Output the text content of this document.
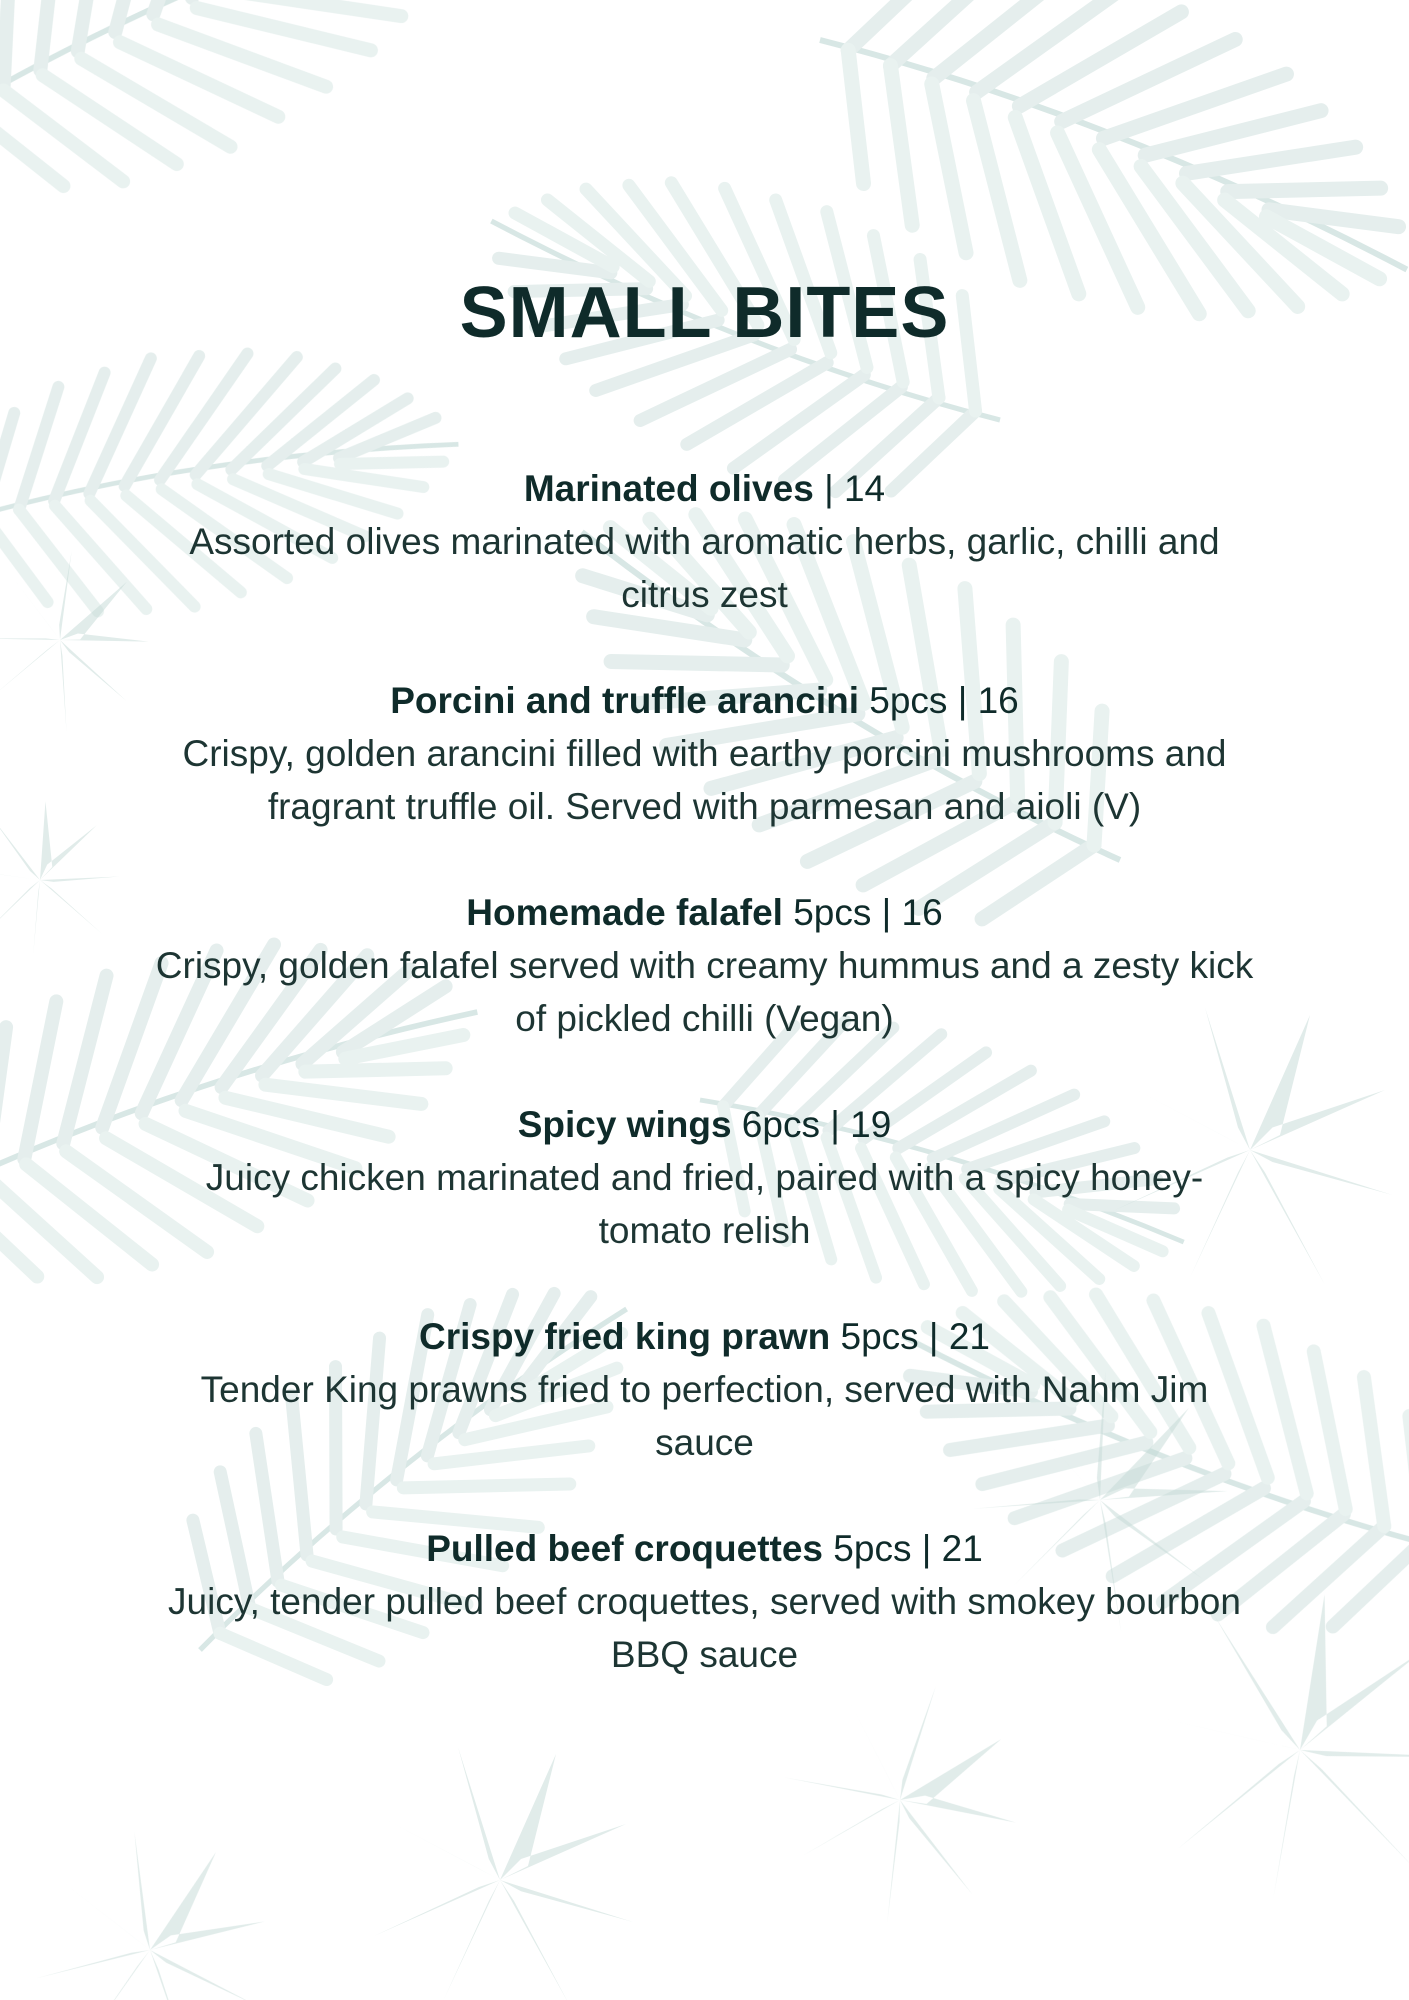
SMALL BITES
Marinated olives | 14
Assorted olives marinated with aromatic herbs, garlic, chilli and citrus zest
Porcini and truffle arancini 5pcs | 16
Crispy, golden arancini filled with earthy porcini mushrooms and fragrant truffle oil. Served with parmesan and aioli (V)
Homemade falafel 5pcs | 16
Crispy, golden falafel served with creamy hummus and a zesty kick of pickled chilli (Vegan)
Spicy wings 6pcs | 19
Juicy chicken marinated and fried, paired with a spicy honey-tomato relish
Crispy fried king prawn 5pcs | 21
Tender King prawns fried to perfection, served with Nahm Jim sauce
Pulled beef croquettes 5pcs | 21
Juicy, tender pulled beef croquettes, served with smokey bourbon BBQ sauce
